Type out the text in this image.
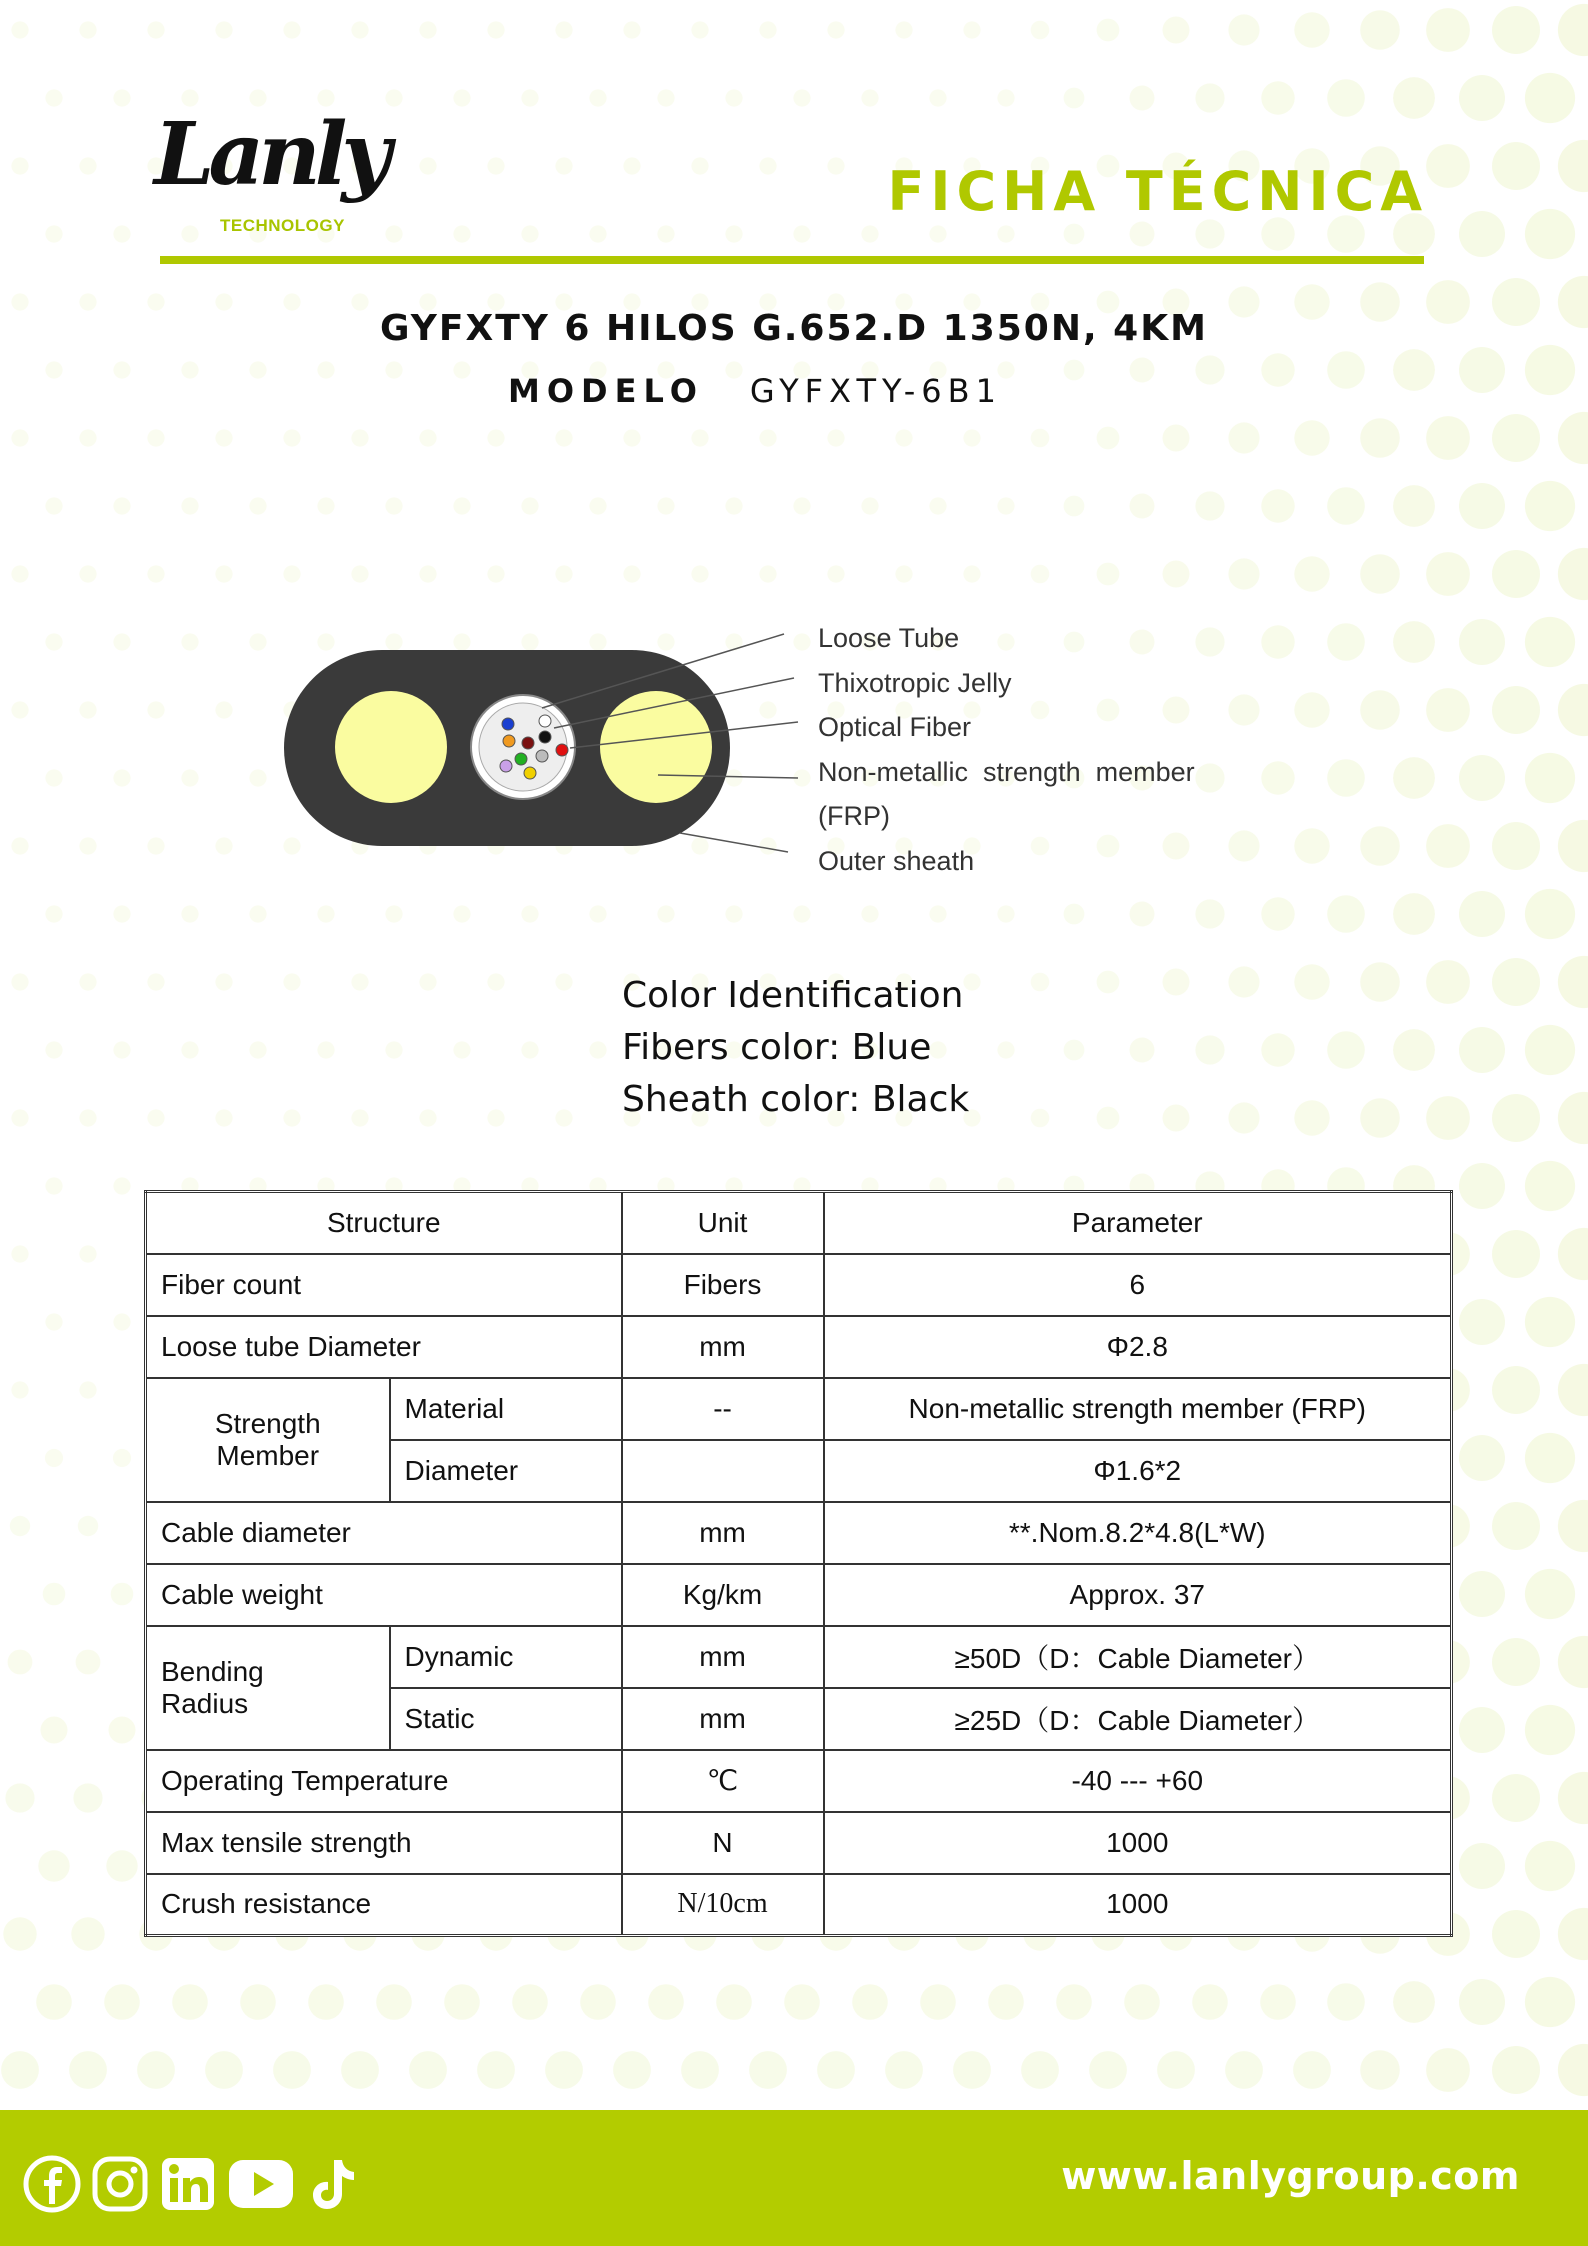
Lanly
TECHNOLOGY
FICHA TÉCNICA
GYFXTY 6 HILOS G.652.D 1350N, 4KM
MODELO GYFXTY-6B1
Loose Tube
Thixotropic Jelly
Optical Fiber
Non-metallic  strength  member
(FRP)
Outer sheath
Color Identification
Fibers color: Blue
Sheath color: Black
Structure		Unit	Parameter
Fiber count		Fibers	6
Loose tube Diameter		mm	Φ2.8
Strength Member	Material	--	Non-metallic strength member (FRP)
	Diameter		Φ1.6*2
Cable diameter		mm	**.Nom.8.2*4.8(L*W)
Cable weight		Kg/km	Approx. 37
Bending Radius	Dynamic	mm	≥50D（D：Cable Diameter）
	Static	mm	≥25D（D：Cable Diameter）
Operating Temperature		℃	-40 --- +60
Max tensile strength		N	1000
Crush resistance		N/10cm	1000
www.lanlygroup.com
